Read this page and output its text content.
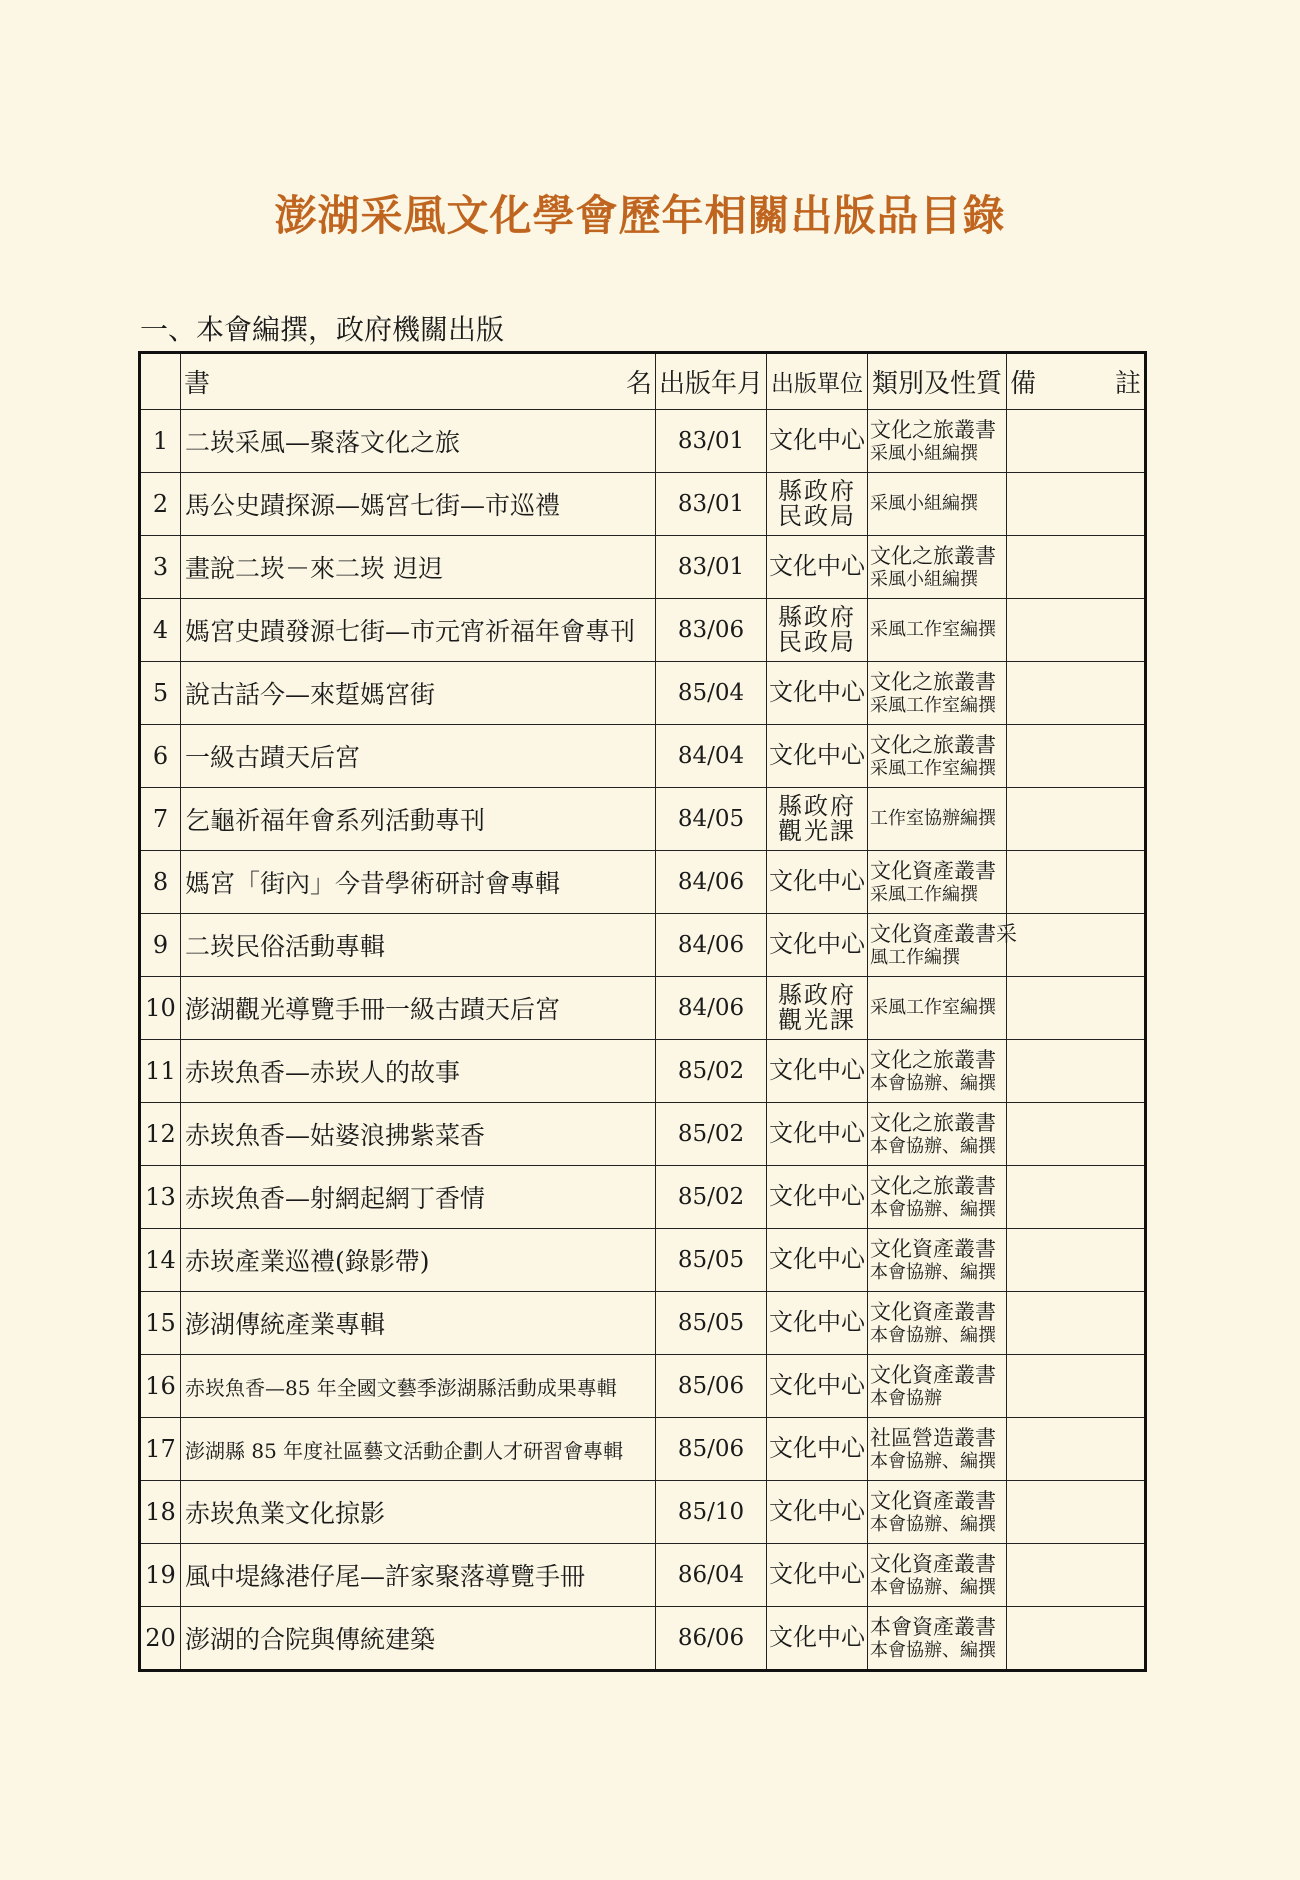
澎湖采風文化學會歷年相關出版品目錄
一、本會編撰，政府機關出版

	書 名	出版年月	出版單位	類別及性質	備 註

1	二崁采風—聚落文化之旅	83/01	文化中心	文化之旅叢書
采風小組編撰	

2	馬公史蹟探源—媽宮七街—市巡禮	83/01	縣政府
民政局	采風小組編撰	

3	畫說二崁－來二崁 迌迌	83/01	文化中心	文化之旅叢書
采風小組編撰	

4	媽宮史蹟發源七街—市元宵祈福年會專刊	83/06	縣政府
民政局	采風工作室編撰	

5	說古話今—來踅媽宮街	85/04	文化中心	文化之旅叢書
采風工作室編撰	

6	一級古蹟天后宮	84/04	文化中心	文化之旅叢書
采風工作室編撰	

7	乞龜祈福年會系列活動專刊	84/05	縣政府
觀光課	工作室協辦編撰	

8	媽宮「街內」今昔學術研討會專輯	84/06	文化中心	文化資產叢書
采風工作編撰	

9	二崁民俗活動專輯	84/06	文化中心	文化資產叢書采
風工作編撰	

10	澎湖觀光導覽手冊一級古蹟天后宮	84/06	縣政府
觀光課	采風工作室編撰	

11	赤崁魚香—赤崁人的故事	85/02	文化中心	文化之旅叢書
本會協辦、編撰	

12	赤崁魚香—姑婆浪拂紫菜香	85/02	文化中心	文化之旅叢書
本會協辦、編撰	

13	赤崁魚香—射網起網丁香情	85/02	文化中心	文化之旅叢書
本會協辦、編撰	

14	赤崁產業巡禮(錄影帶)	85/05	文化中心	文化資產叢書
本會協辦、編撰	

15	澎湖傳統產業專輯	85/05	文化中心	文化資產叢書
本會協辦、編撰	

16	赤崁魚香—85 年全國文藝季澎湖縣活動成果專輯	85/06	文化中心	文化資產叢書
本會協辦	

17	澎湖縣 85 年度社區藝文活動企劃人才研習會專輯	85/06	文化中心	社區營造叢書
本會協辦、編撰	

18	赤崁魚業文化掠影	85/10	文化中心	文化資產叢書
本會協辦、編撰	

19	風中堤緣港仔尾—許家聚落導覽手冊	86/04	文化中心	文化資產叢書
本會協辦、編撰	

20	澎湖的合院與傳統建築	86/06	文化中心	本會資產叢書
本會協辦、編撰	
